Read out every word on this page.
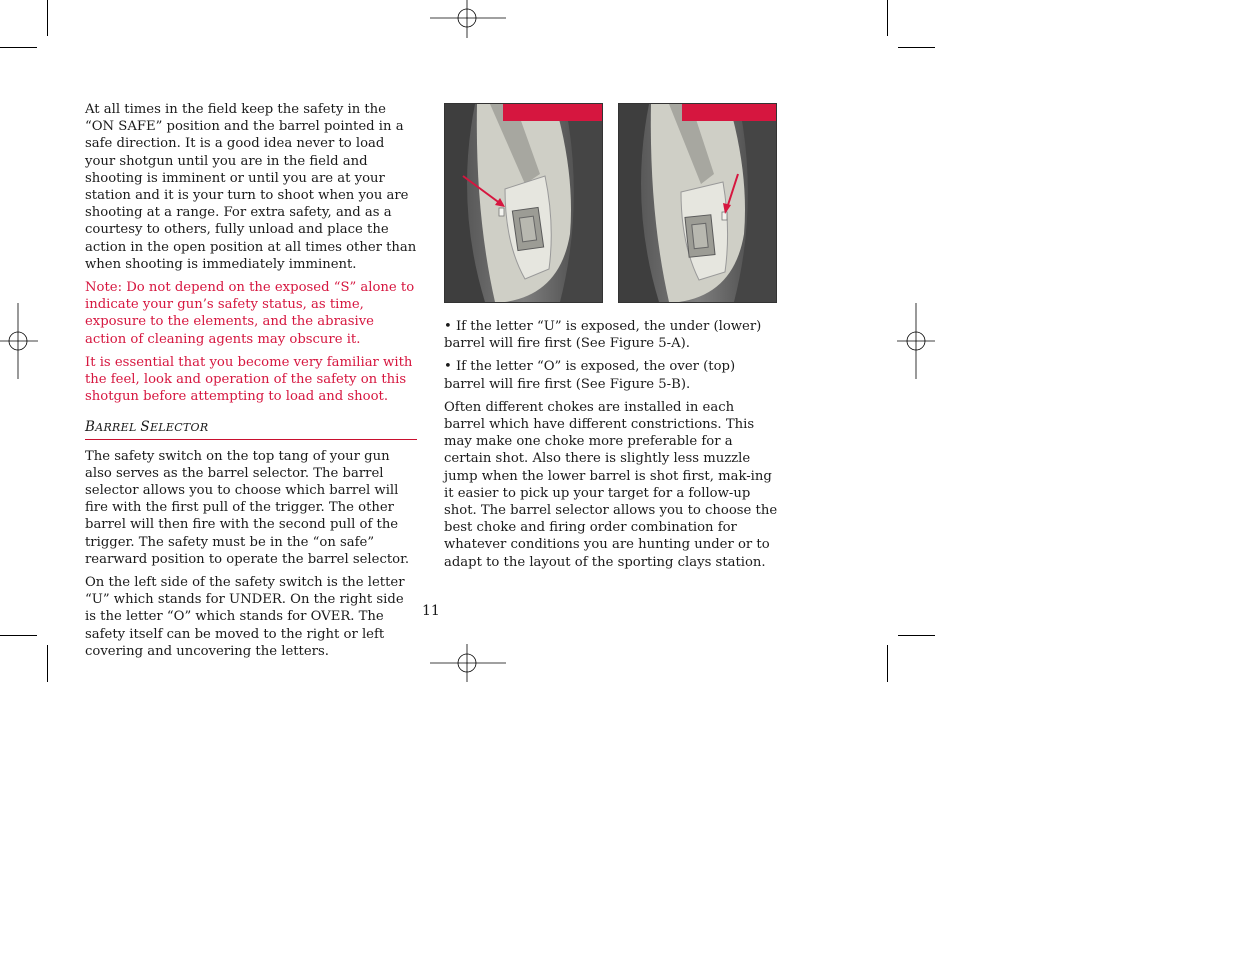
At all times in the field keep the safety in the “ON SAFE” position and the barrel pointed in a safe direction. It is a good idea never to load your shotgun until you are in the field and shooting is imminent or until you are at your station and it is your turn to shoot when you are shooting at a range. For extra safety, and as a courtesy to others, fully unload and place the action in the open position at all times other than when shooting is immediately imminent.

Note: Do not depend on the exposed “S” alone to indicate your gun’s safety status, as time, exposure to the elements, and the abrasive action of cleaning agents may obscure it.

It is essential that you become very familiar with the feel, look and operation of the safety on this shotgun before attempting to load and shoot.

BARREL SELECTOR

The safety switch on the top tang of your gun also serves as the barrel selector. The barrel selector allows you to choose which barrel will fire with the first pull of the trigger. The other barrel will then fire with the second pull of the trigger. The safety must be in the “on safe” rearward position to operate the barrel selector.

On the left side of the safety switch is the letter “U” which stands for UNDER. On the right side is the letter “O” which stands for OVER. The safety itself can be moved to the right or left covering and uncovering the letters.

• If the letter “U” is exposed, the under (lower) barrel will fire first (See Figure 5-A).

• If the letter “O” is exposed, the over (top) barrel will fire first (See Figure 5-B).

Often different chokes are installed in each barrel which have different constrictions. This may make one choke more preferable for a certain shot. Also there is slightly less muzzle jump when the lower barrel is shot first, mak-ing it easier to pick up your target for a follow-up shot. The barrel selector allows you to choose the best choke and firing order combination for whatever conditions you are hunting under or to adapt to the layout of the sporting clays station.

11
